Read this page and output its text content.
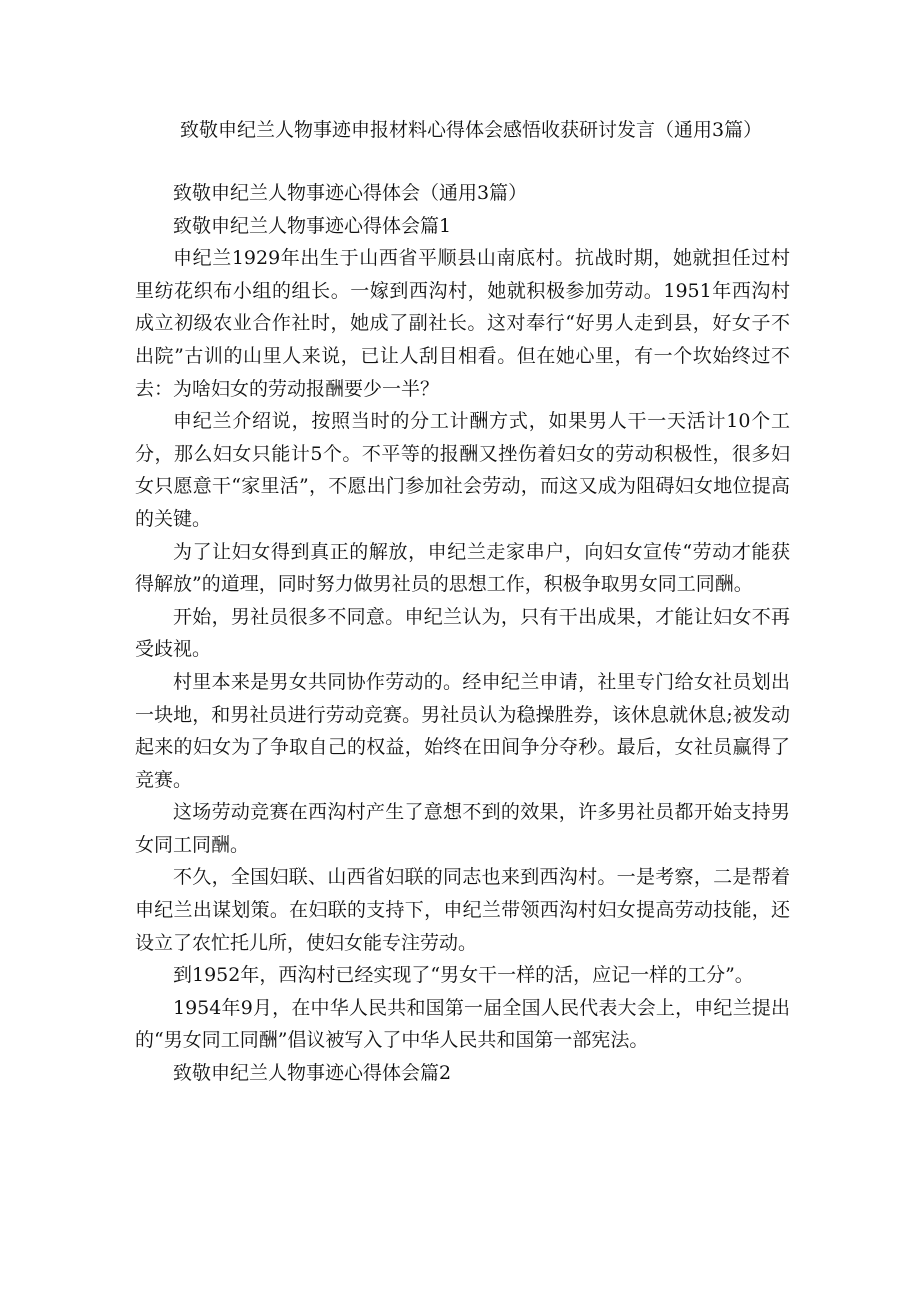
致敬申纪兰人物事迹申报材料心得体会感悟收获研讨发言（通用3篇）

致敬申纪兰人物事迹心得体会（通用3篇）

致敬申纪兰人物事迹心得体会篇1

申纪兰1929年出生于山西省平顺县山南底村。抗战时期，她就担任过村里纺花织布小组的组长。一嫁到西沟村，她就积极参加劳动。1951年西沟村成立初级农业合作社时，她成了副社长。这对奉行“好男人走到县，好女子不出院”古训的山里人来说，已让人刮目相看。但在她心里，有一个坎始终过不去：为啥妇女的劳动报酬要少一半？

申纪兰介绍说，按照当时的分工计酬方式，如果男人干一天活计10个工分，那么妇女只能计5个。不平等的报酬又挫伤着妇女的劳动积极性，很多妇女只愿意干“家里活”，不愿出门参加社会劳动，而这又成为阻碍妇女地位提高的关键。

为了让妇女得到真正的解放，申纪兰走家串户，向妇女宣传“劳动才能获得解放”的道理，同时努力做男社员的思想工作，积极争取男女同工同酬。

开始，男社员很多不同意。申纪兰认为，只有干出成果，才能让妇女不再受歧视。

村里本来是男女共同协作劳动的。经申纪兰申请，社里专门给女社员划出一块地，和男社员进行劳动竞赛。男社员认为稳操胜券，该休息就休息;被发动起来的妇女为了争取自己的权益，始终在田间争分夺秒。最后，女社员赢得了竞赛。

这场劳动竞赛在西沟村产生了意想不到的效果，许多男社员都开始支持男女同工同酬。

不久，全国妇联、山西省妇联的同志也来到西沟村。一是考察，二是帮着申纪兰出谋划策。在妇联的支持下，申纪兰带领西沟村妇女提高劳动技能，还设立了农忙托儿所，使妇女能专注劳动。

到1952年，西沟村已经实现了“男女干一样的活，应记一样的工分”。

1954年9月，在中华人民共和国第一届全国人民代表大会上，申纪兰提出的“男女同工同酬”倡议被写入了中华人民共和国第一部宪法。

致敬申纪兰人物事迹心得体会篇2
